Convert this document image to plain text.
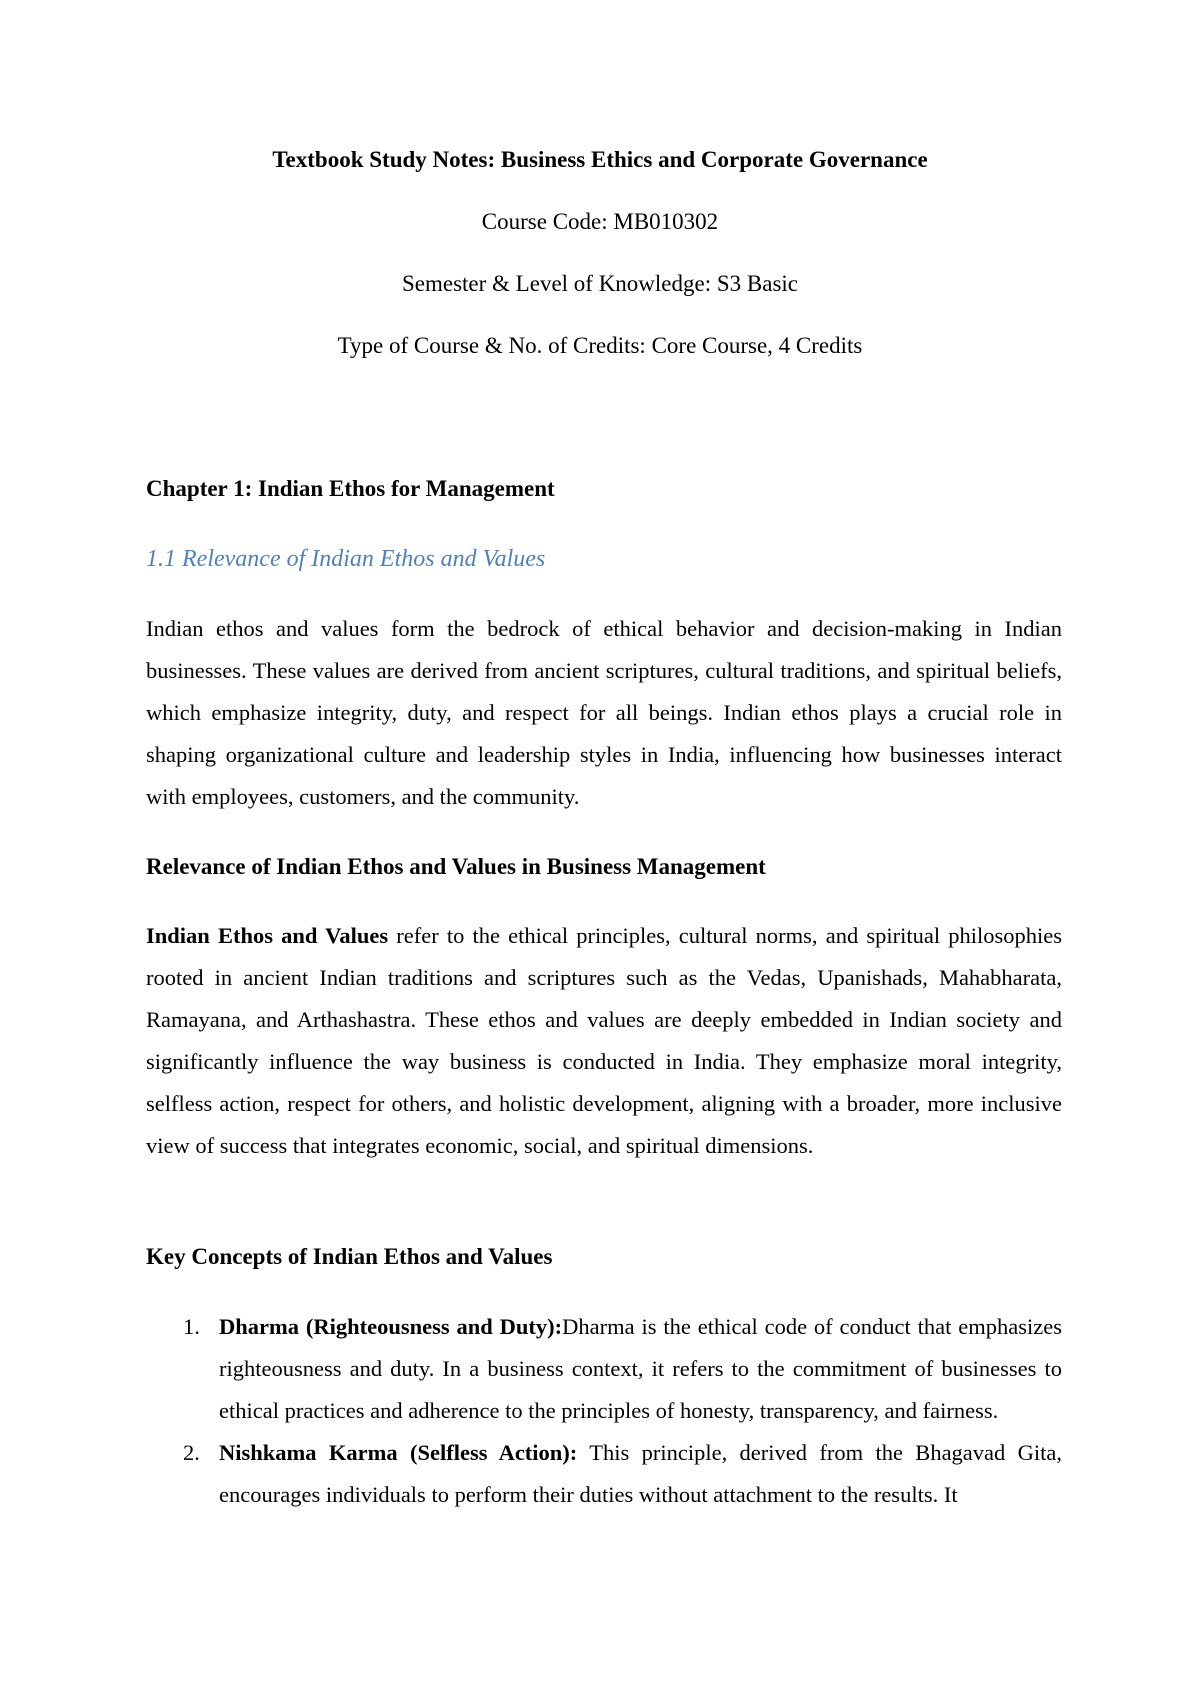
Textbook Study Notes: Business Ethics and Corporate Governance
Course Code: MB010302
Semester & Level of Knowledge: S3 Basic
Type of Course & No. of Credits: Core Course, 4 Credits
Chapter 1: Indian Ethos for Management
1.1 Relevance of Indian Ethos and Values
Indian ethos and values form the bedrock of ethical behavior and decision-making in Indian businesses. These values are derived from ancient scriptures, cultural traditions, and spiritual beliefs, which emphasize integrity, duty, and respect for all beings. Indian ethos plays a crucial role in shaping organizational culture and leadership styles in India, influencing how businesses interact with employees, customers, and the community.
Relevance of Indian Ethos and Values in Business Management
Indian Ethos and Values refer to the ethical principles, cultural norms, and spiritual philosophies rooted in ancient Indian traditions and scriptures such as the Vedas, Upanishads, Mahabharata, Ramayana, and Arthashastra. These ethos and values are deeply embedded in Indian society and significantly influence the way business is conducted in India. They emphasize moral integrity, selfless action, respect for others, and holistic development, aligning with a broader, more inclusive view of success that integrates economic, social, and spiritual dimensions.
Key Concepts of Indian Ethos and Values
1. Dharma (Righteousness and Duty):Dharma is the ethical code of conduct that emphasizes righteousness and duty. In a business context, it refers to the commitment of businesses to ethical practices and adherence to the principles of honesty, transparency, and fairness.
2. Nishkama Karma (Selfless Action): This principle, derived from the Bhagavad Gita, encourages individuals to perform their duties without attachment to the results. It
